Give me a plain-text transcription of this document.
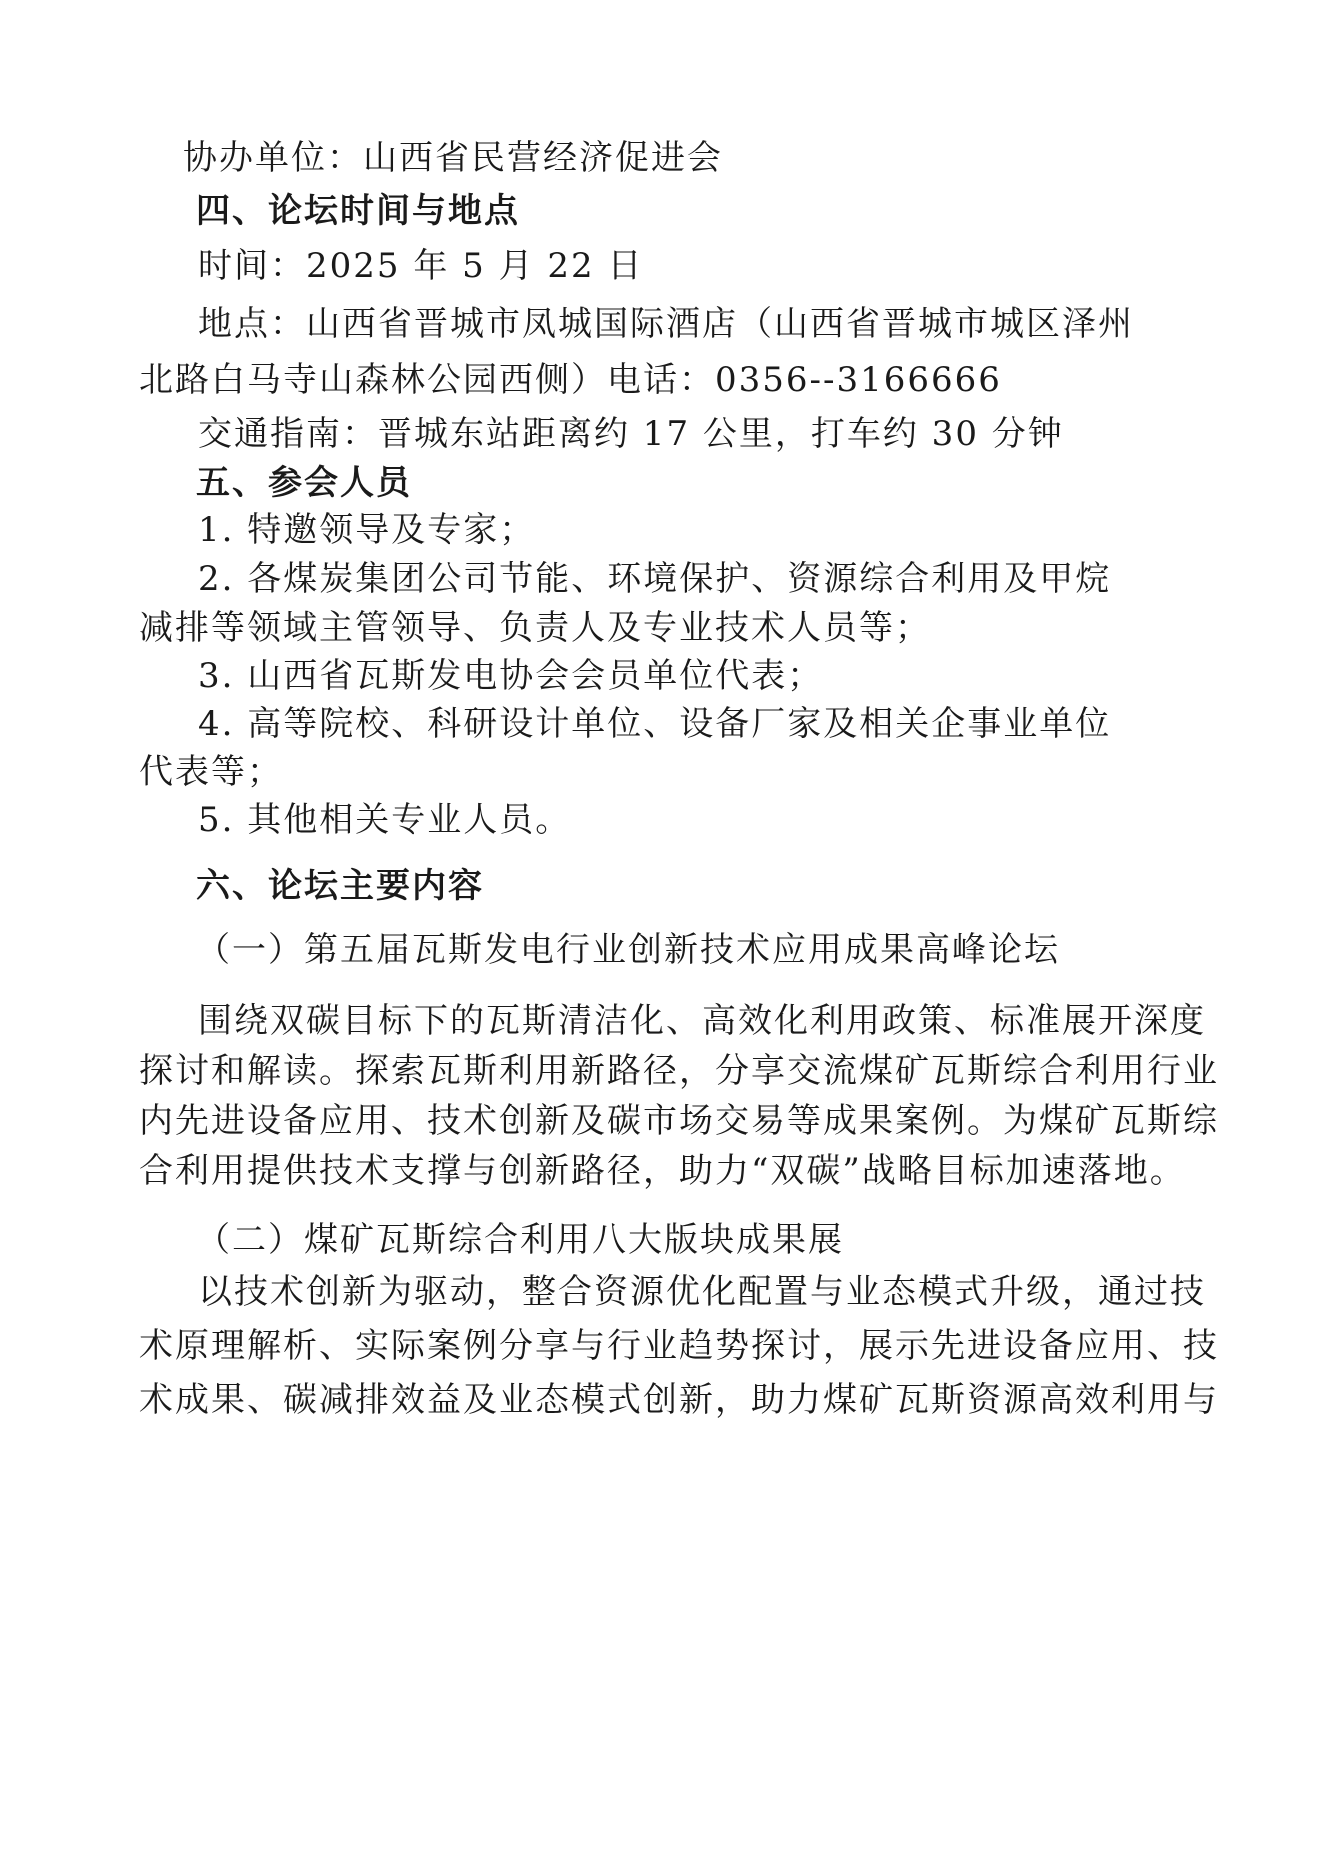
协办单位：山西省民营经济促进会
四、论坛时间与地点
时间：2025 年 5 月 22 日
地点：山西省晋城市凤城国际酒店（山西省晋城市城区泽州
北路白马寺山森林公园西侧）电话：0356--3166666
交通指南：晋城东站距离约 17 公里，打车约 30 分钟
五、参会人员
1. 特邀领导及专家；
2. 各煤炭集团公司节能、环境保护、资源综合利用及甲烷
减排等领域主管领导、负责人及专业技术人员等；
3. 山西省瓦斯发电协会会员单位代表；
4. 高等院校、科研设计单位、设备厂家及相关企事业单位
代表等；
5. 其他相关专业人员。
六、论坛主要内容
（一）第五届瓦斯发电行业创新技术应用成果高峰论坛
围绕双碳目标下的瓦斯清洁化、高效化利用政策、标准展开深度
探讨和解读。探索瓦斯利用新路径，分享交流煤矿瓦斯综合利用行业
内先进设备应用、技术创新及碳市场交易等成果案例。为煤矿瓦斯综
合利用提供技术支撑与创新路径，助力“双碳”战略目标加速落地。
（二）煤矿瓦斯综合利用八大版块成果展
以技术创新为驱动，整合资源优化配置与业态模式升级，通过技
术原理解析、实际案例分享与行业趋势探讨，展示先进设备应用、技
术成果、碳减排效益及业态模式创新，助力煤矿瓦斯资源高效利用与
